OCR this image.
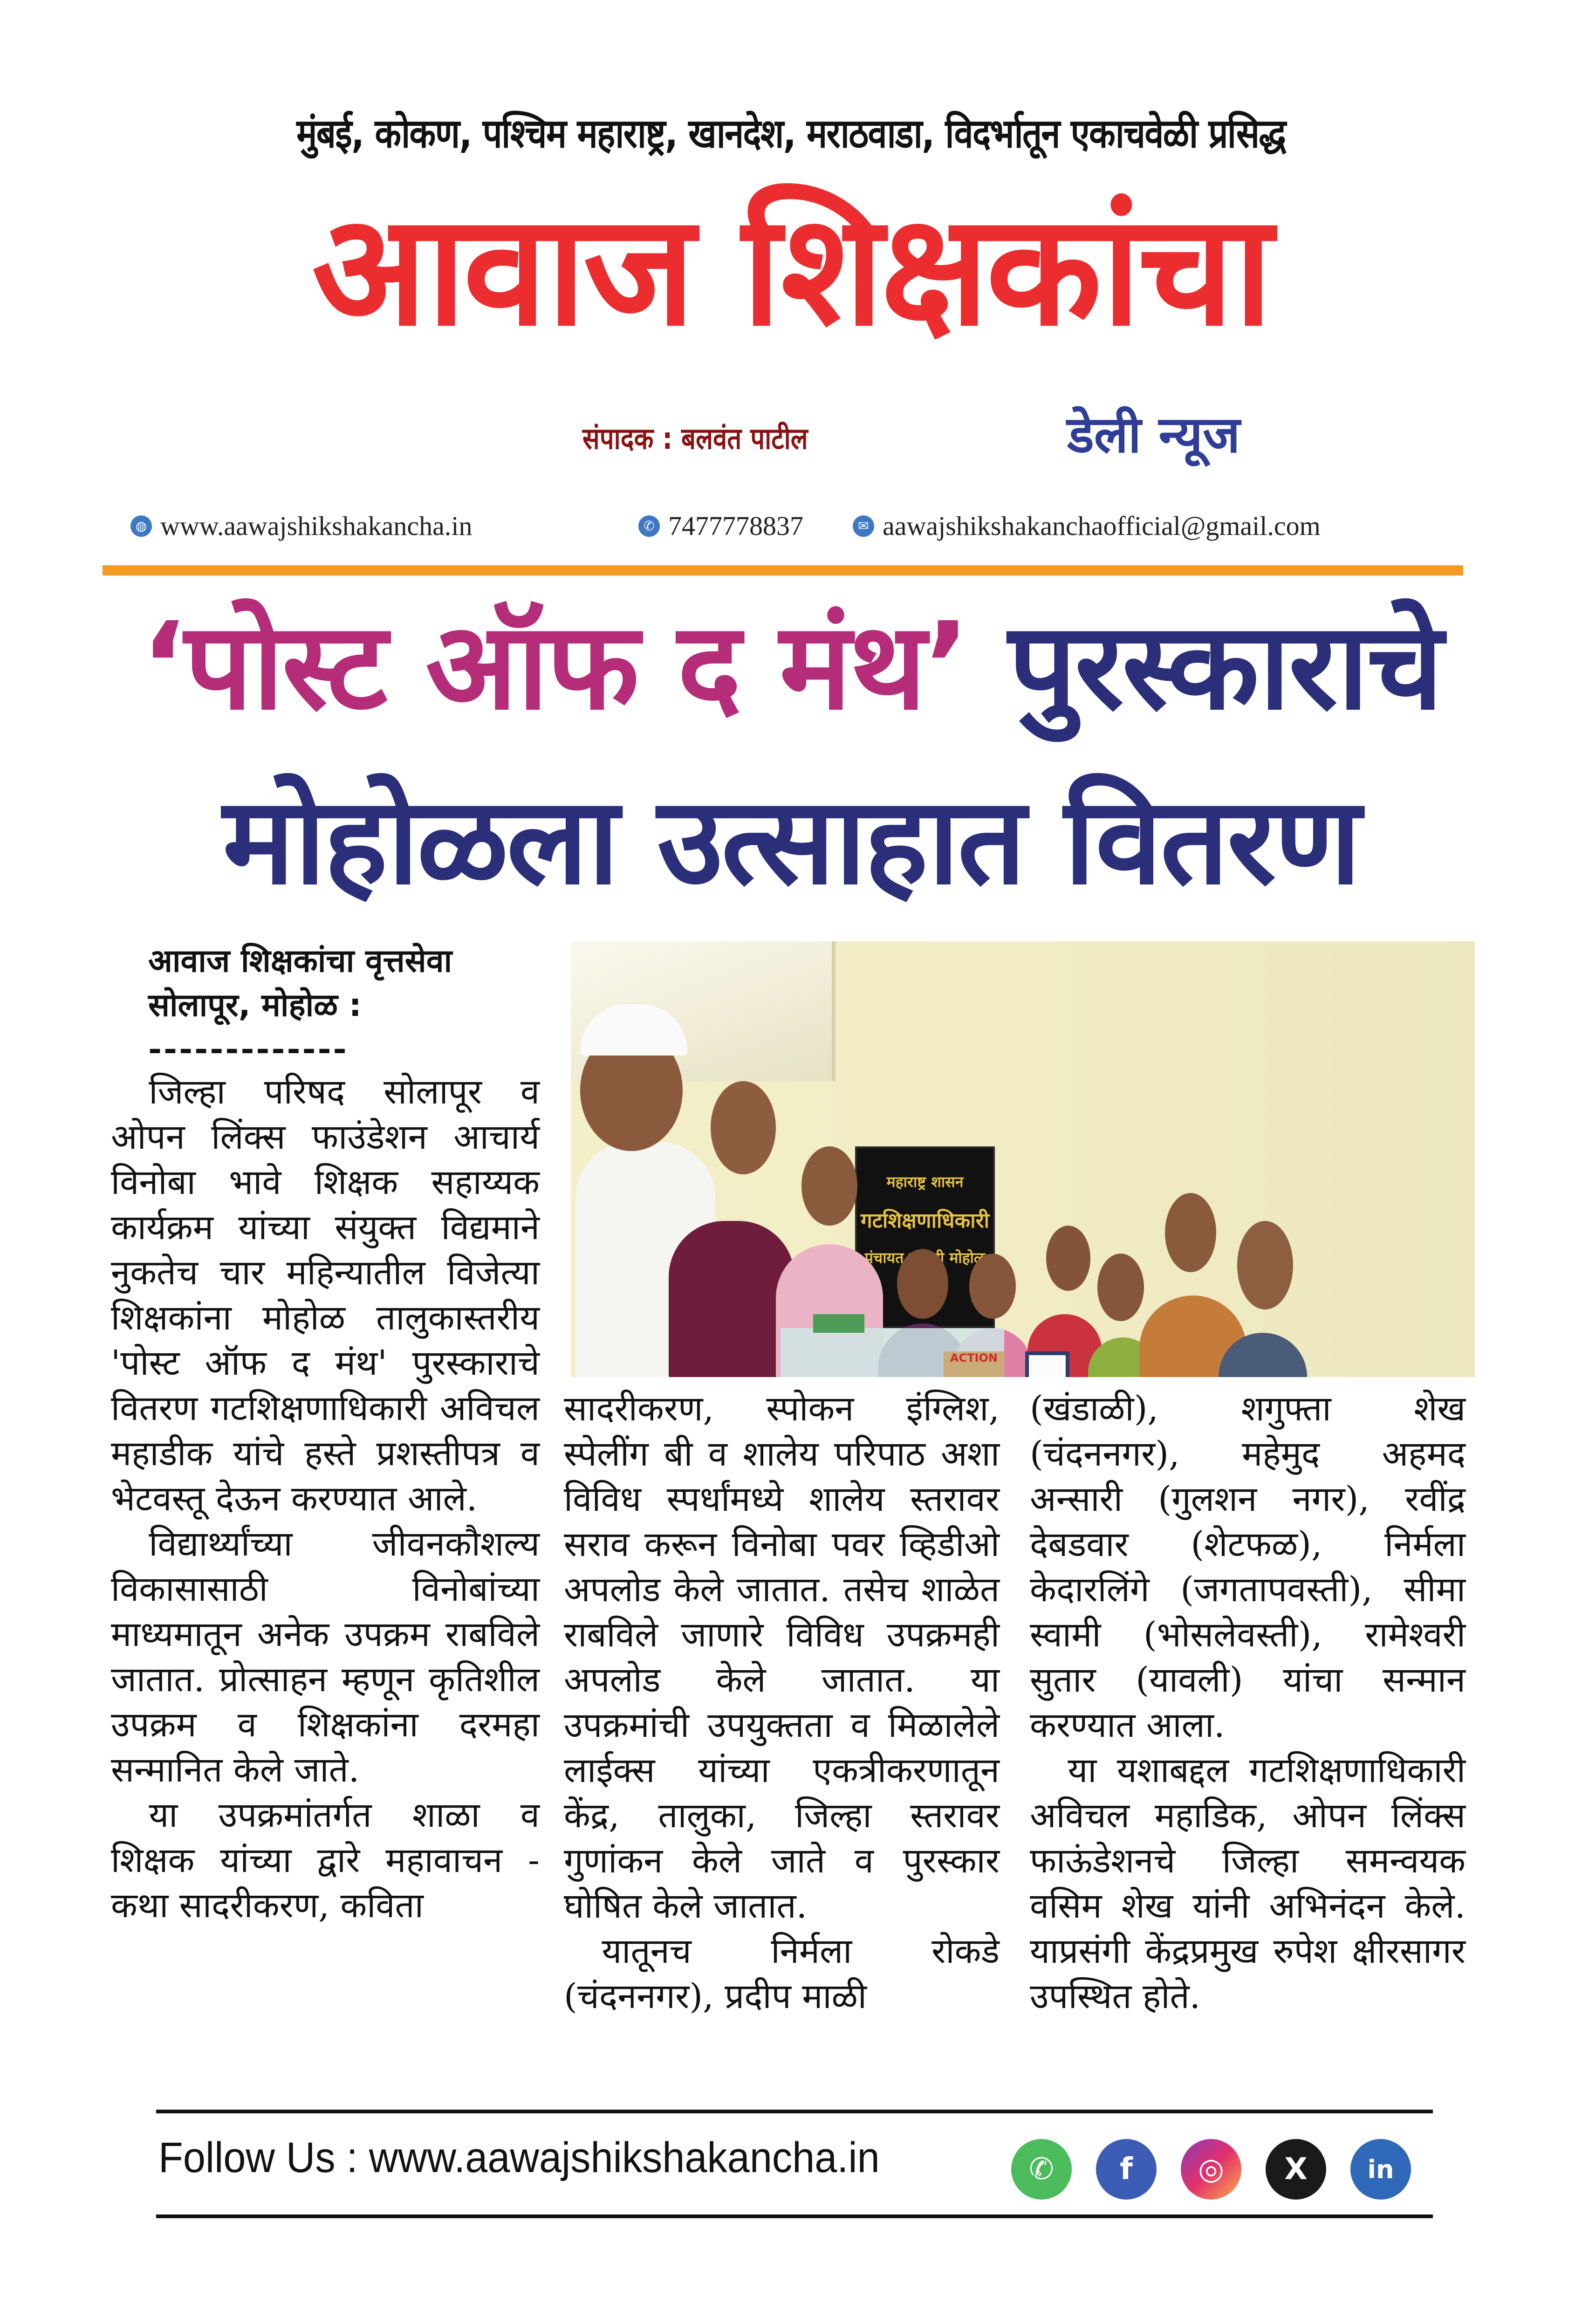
मुंबई, कोकण, पश्चिम महाराष्ट्र, खानदेश, मराठवाडा, विदर्भातून एकाचवेळी प्रसिद्ध
आवाज शिक्षकांचा
संपादक : बलवंत पाटील	डेली न्यूज
◍ www.aawajshikshakancha.in	✆ 7477778837	✉ aawajshikshakanchaofficial@gmail.com
‘पोस्ट ऑफ द मंथ’ पुरस्काराचे
मोहोळला उत्साहात वितरण
आवाज शिक्षकांचा वृत्तसेवा
सोलापूर, मोहोळ :
-------------

जिल्हा परिषद सोलापूर व ओपन लिंक्स फाउंडेशन आचार्य विनोबा भावे शिक्षक सहाय्यक कार्यक्रम यांच्या संयुक्त विद्यमाने नुकतेच चार महिन्यातील विजेत्या शिक्षकांना मोहोळ तालुकास्तरीय 'पोस्ट ऑफ द मंथ' पुरस्काराचे वितरण गटशिक्षणाधिकारी अविचल महाडीक यांचे हस्ते प्रशस्तीपत्र व भेटवस्तू देऊन करण्यात आले.

विद्यार्थ्यांच्या जीवनकौशल्य विकासासाठी विनोबांच्या माध्यमातून अनेक उपक्रम राबविले जातात. प्रोत्साहन म्हणून कृतिशील उपक्रम व शिक्षकांना दरमहा सन्मानित केले जाते.

या उपक्रमांतर्गत शाळा व शिक्षक यांच्या द्वारे महावाचन - कथा सादरीकरण, कविता

महाराष्ट्र शासन
गटशिक्षणाधिकारी
पंचायत मोहोळ
ACTION

सादरीकरण, स्पोकन इंग्लिश, स्पेलींग बी व शालेय परिपाठ अशा विविध स्पर्धांमध्ये शालेय स्तरावर सराव करून विनोबा पवर व्हिडीओ अपलोड केले जातात. तसेच शाळेत राबविले जाणारे विविध उपक्रमही अपलोड केले जातात. या उपक्रमांची उपयुक्तता व मिळालेले लाईक्स यांच्या एकत्रीकरणातून केंद्र, तालुका, जिल्हा स्तरावर गुणांकन केले जाते व पुरस्कार घोषित केले जातात.

यातूनच निर्मला रोकडे (चंदननगर), प्रदीप माळी

(खंडाळी), शगुफ्ता शेख (चंदननगर), महेमुद अहमद अन्सारी (गुलशन नगर), रवींद्र देबडवार (शेटफळ), निर्मला केदारलिंगे (जगतापवस्ती), सीमा स्वामी (भोसलेवस्ती), रामेश्वरी सुतार (यावली) यांचा सन्मान करण्यात आला.

या यशाबद्दल गटशिक्षणाधिकारी अविचल महाडिक, ओपन लिंक्स फाऊंडेशनचे जिल्हा समन्वयक वसिम शेख यांनी अभिनंदन केले. याप्रसंगी केंद्रप्रमुख रुपेश क्षीरसागर उपस्थित होते.

Follow Us : www.aawajshikshakancha.in	✆	f	◎	X	in
